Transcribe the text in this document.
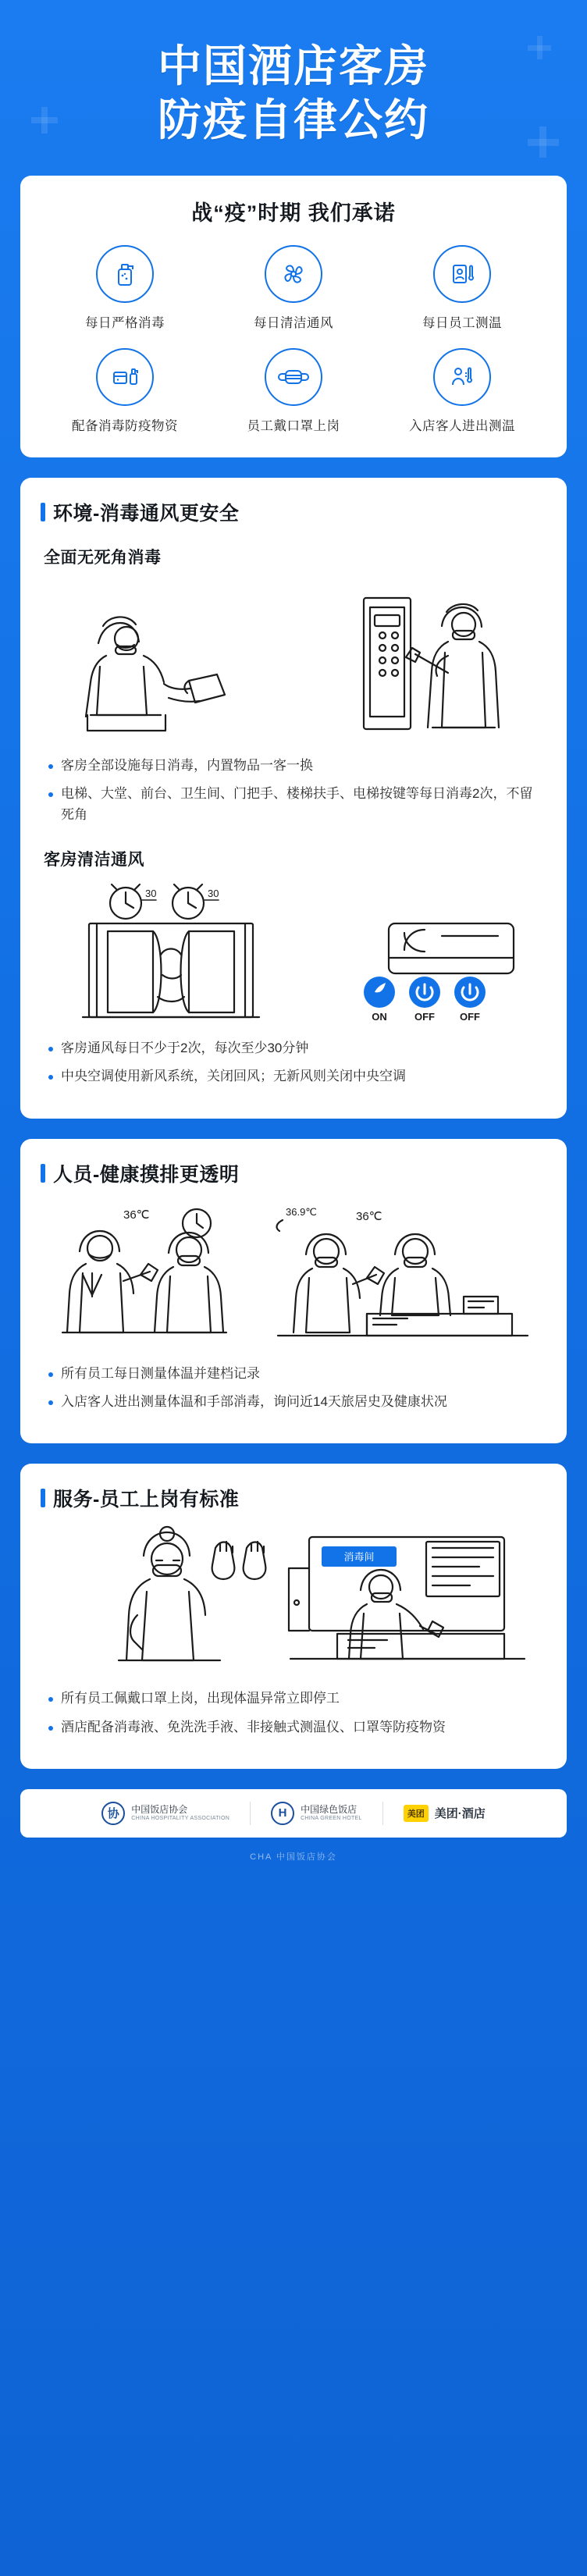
中国酒店客房
防疫自律公约
战“疫”时期 我们承诺
每日严格消毒	每日清洁通风	每日员工测温
配备消毒防疫物资	员工戴口罩上岗	入店客人进出测温
环境-消毒通风更安全
全面无死角消毒
客房全部设施每日消毒，内置物品一客一换
电梯、大堂、前台、卫生间、门把手、楼梯扶手、电梯按键等每日消毒2次，不留死角
客房清洁通风
30	30
ON	OFF OFF
客房通风每日不少于2次，每次至少30分钟
中央空调使用新风系统，关闭回风；无新风则关闭中央空调
人员-健康摸排更透明
36℃	36.9℃	36℃
所有员工每日测量体温并建档记录
入店客人进出测量体温和手部消毒，询问近14天旅居史及健康状况
服务-员工上岗有标准
消毒间
所有员工佩戴口罩上岗，出现体温异常立即停工
酒店配备消毒液、免洗洗手液、非接触式测温仪、口罩等防疫物资
协	中国饭店协会
CHINA HOSPITALITY ASSOCIATION	H	中国绿色饭店
CHINA GREEN HOTEL	美团 美团·酒店
CHA 中国饭店协会
